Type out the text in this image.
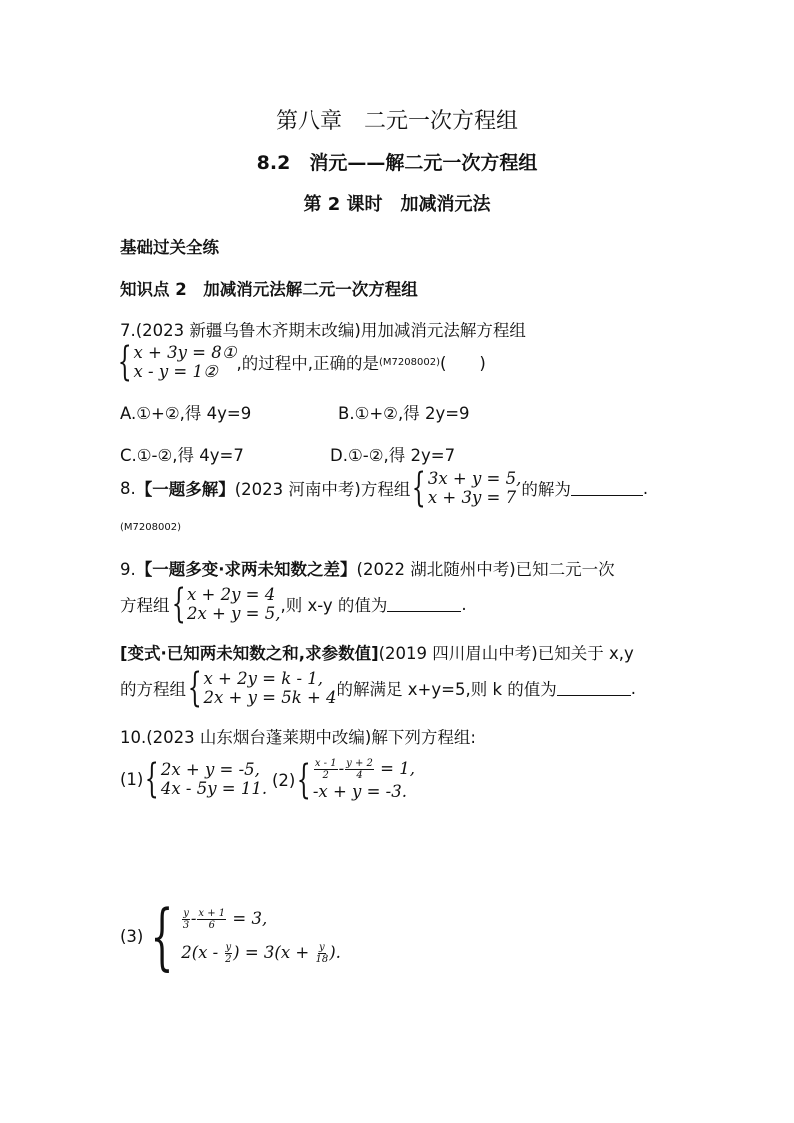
第八章　二元一次方程组
8.2　消元——解二元一次方程组
第 2 课时　加减消元法
基础过关全练
知识点 2　加减消元法解二元一次方程组
7.(2023 新疆乌鲁木齐期末改编)用加减消元法解方程组
{ x + 3y = 8①
x - y = 1②	,的过程中,正确的是 (M7208002) (　　)
A.①+②,得 4y=9	B.①+②,得 2y=9
C.①-②,得 4y=7	D.①-②,得 2y=7
8. 【一题多解】 (2023 河南中考)方程组 { 3x + y = 5,
x + 3y = 7 的解为	.
(M7208002)
9.【一题多变·求两未知数之差】(2022 湖北随州中考)已知二元一次
方程组 { x + 2y = 4
2x + y = 5, ,则 x-y 的值为	.
[变式·已知两未知数之和,求参数值](2019 四川眉山中考)已知关于 x,y
的方程组 { x + 2y = k - 1,
2x + y = 5k + 4 的解满足 x+y=5,则 k 的值为	.
10.(2023 山东烟台蓬莱期中改编)解下列方程组:
(1) { 2x + y = -5,
4x - 5y = 11. (2) { $\frac{x - 1}{2} - \frac{y + 2}{4} = 1$,
-x + y = -3.
(3) { $\frac{y}{3} - \frac{x + 1}{6} = 3$,
$2(x - \frac{y}{2}$ ) = $3(x + \frac{y}{18}$ ).
